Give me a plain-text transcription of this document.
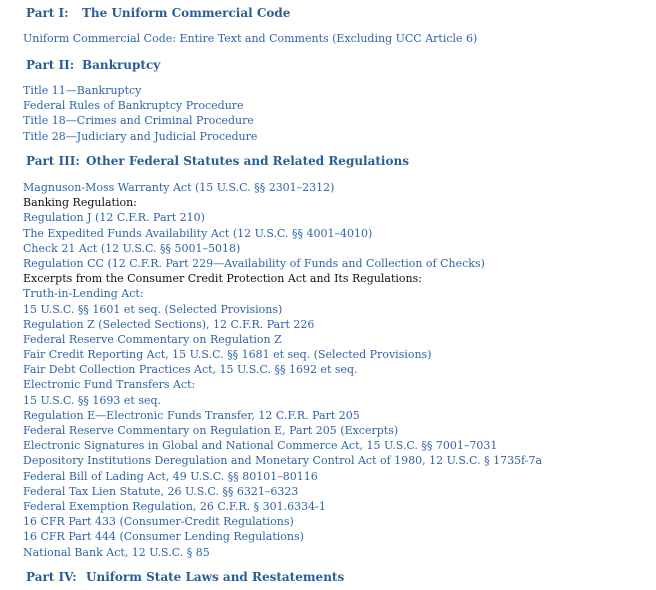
Part I: The Uniform Commercial Code
Uniform Commercial Code: Entire Text and Comments (Excluding UCC Article 6)
Part II: Bankruptcy
Title 11—Bankruptcy
Federal Rules of Bankruptcy Procedure
Title 18—Crimes and Criminal Procedure
Title 28—Judiciary and Judicial Procedure
Part III: Other Federal Statutes and Related Regulations
Magnuson-Moss Warranty Act (15 U.S.C. §§ 2301–2312)
Banking Regulation:
Regulation J (12 C.F.R. Part 210)
The Expedited Funds Availability Act (12 U.S.C. §§ 4001–4010)
Check 21 Act (12 U.S.C. §§ 5001–5018)
Regulation CC (12 C.F.R. Part 229—Availability of Funds and Collection of Checks)
Excerpts from the Consumer Credit Protection Act and Its Regulations:
Truth-in-Lending Act:
15 U.S.C. §§ 1601 et seq. (Selected Provisions)
Regulation Z (Selected Sections), 12 C.F.R. Part 226
Federal Reserve Commentary on Regulation Z
Fair Credit Reporting Act, 15 U.S.C. §§ 1681 et seq. (Selected Provisions)
Fair Debt Collection Practices Act, 15 U.S.C. §§ 1692 et seq.
Electronic Fund Transfers Act:
15 U.S.C. §§ 1693 et seq.
Regulation E—Electronic Funds Transfer, 12 C.F.R. Part 205
Federal Reserve Commentary on Regulation E, Part 205 (Excerpts)
Electronic Signatures in Global and National Commerce Act, 15 U.S.C. §§ 7001–7031
Depository Institutions Deregulation and Monetary Control Act of 1980, 12 U.S.C. § 1735f-7a
Federal Bill of Lading Act, 49 U.S.C. §§ 80101–80116
Federal Tax Lien Statute, 26 U.S.C. §§ 6321–6323
Federal Exemption Regulation, 26 C.F.R. § 301.6334-1
16 CFR Part 433 (Consumer-Credit Regulations)
16 CFR Part 444 (Consumer Lending Regulations)
National Bank Act, 12 U.S.C. § 85
Part IV: Uniform State Laws and Restatements
